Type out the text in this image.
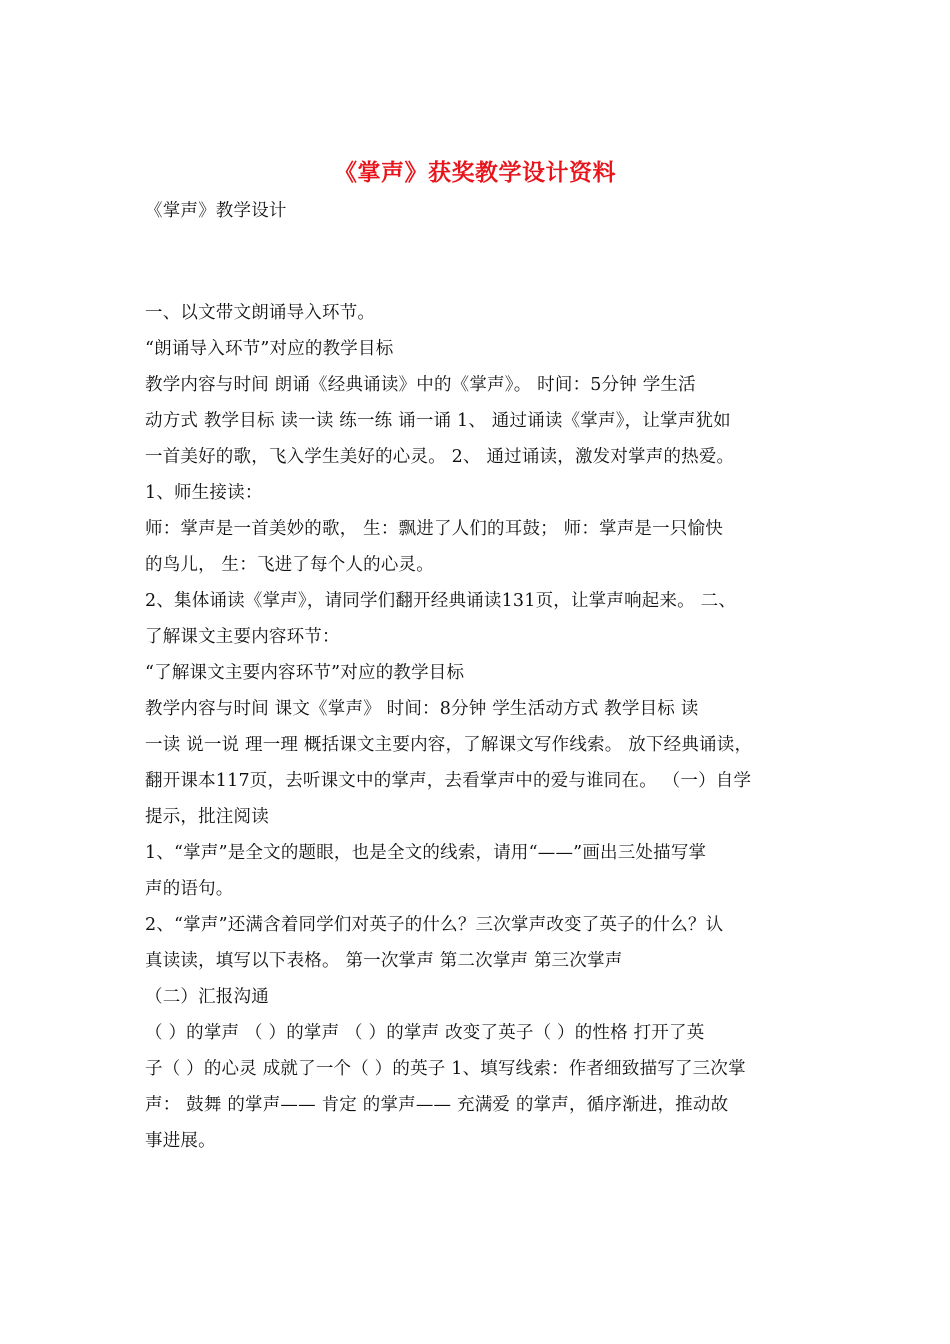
《掌声》获奖教学设计资料
《掌声》教学设计
一、以文带文朗诵导入环节。
“朗诵导入环节”对应的教学目标
教学内容与时间 朗诵《经典诵读》中的《掌声》。 时间：5分钟 学生活
动方式 教学目标 读一读 练一练 诵一诵 1、 通过诵读《掌声》，让掌声犹如
一首美好的歌，飞入学生美好的心灵。 2、 通过诵读，激发对掌声的热爱。
1、师生接读：
师：掌声是一首美妙的歌， 生：飘进了人们的耳鼓； 师：掌声是一只愉快
的鸟儿， 生：飞进了每个人的心灵。
2、集体诵读《掌声》，请同学们翻开经典诵读131页，让掌声响起来。 二、
了解课文主要内容环节：
“了解课文主要内容环节”对应的教学目标
教学内容与时间 课文《掌声》 时间：8分钟 学生活动方式 教学目标 读
一读 说一说 理一理 概括课文主要内容，了解课文写作线索。 放下经典诵读，
翻开课本117页，去听课文中的掌声，去看掌声中的爱与谁同在。 （一）自学
提示，批注阅读
1、“掌声”是全文的题眼，也是全文的线索，请用“——”画出三处描写掌
声的语句。
2、“掌声”还满含着同学们对英子的什么？三次掌声改变了英子的什么？认
真读读，填写以下表格。 第一次掌声 第二次掌声 第三次掌声
（二）汇报沟通
（ ）的掌声 （ ）的掌声 （ ）的掌声 改变了英子（ ）的性格 打开了英
子（ ）的心灵 成就了一个（ ）的英子 1、填写线索：作者细致描写了三次掌
声： 鼓舞 的掌声—— 肯定 的掌声—— 充满爱 的掌声，循序渐进，推动故
事进展。
